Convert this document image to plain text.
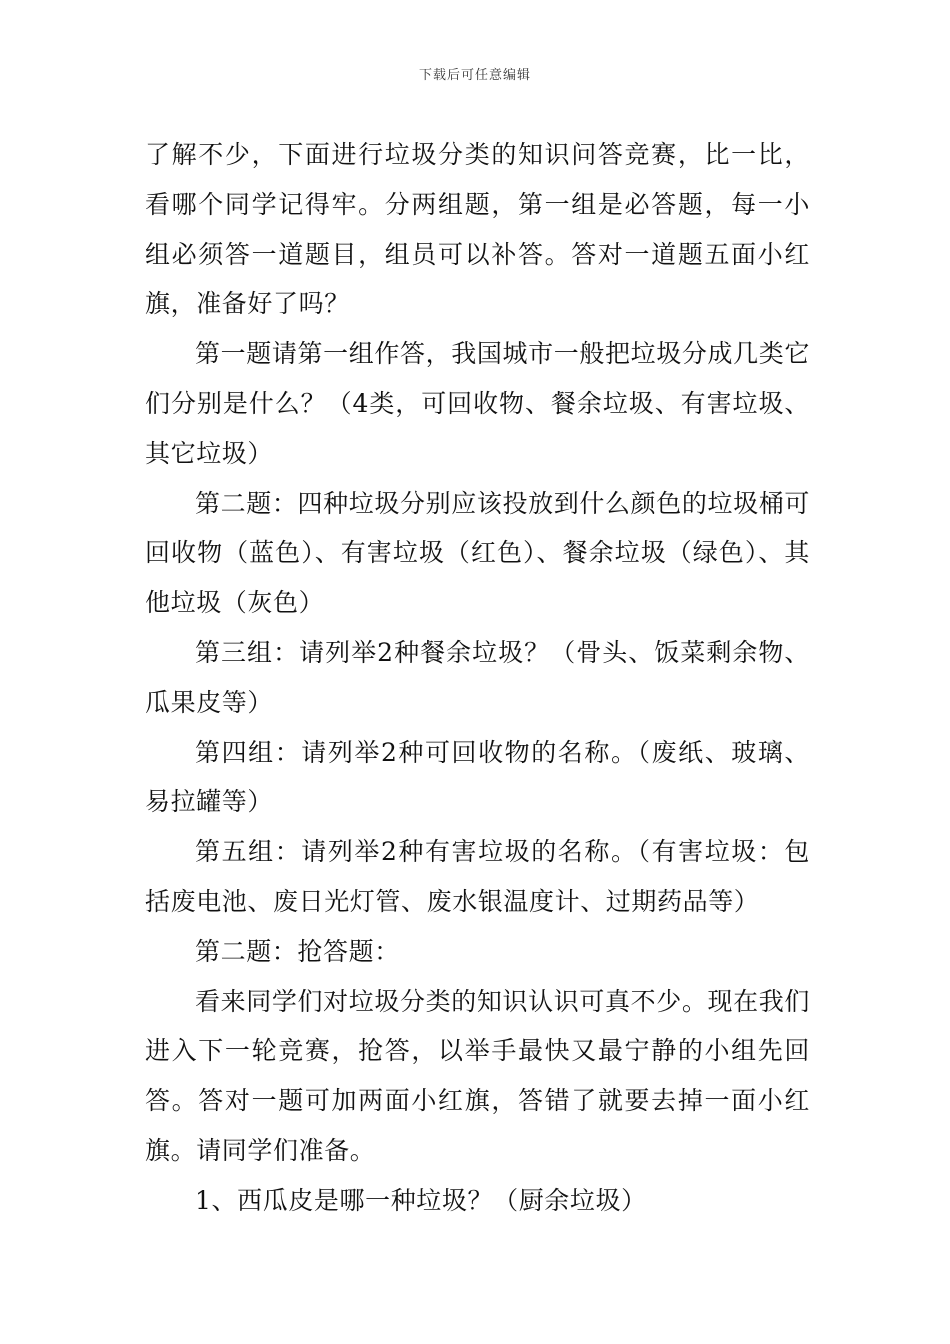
下载后可任意编辑

了解不少，下面进行垃圾分类的知识问答竞赛，比一比，看哪个同学记得牢。分两组题，第一组是必答题，每一小组必须答一道题目，组员可以补答。答对一道题五面小红旗，准备好了吗？

第一题请第一组作答，我国城市一般把垃圾分成几类它们分别是什么？（4类，可回收物、餐余垃圾、有害垃圾、其它垃圾）

第二题：四种垃圾分别应该投放到什么颜色的垃圾桶可回收物（蓝色）、有害垃圾（红色）、餐余垃圾（绿色）、其他垃圾（灰色）

第三组：请列举2种餐余垃圾？（骨头、饭菜剩余物、瓜果皮等）

第四组：请列举2种可回收物的名称。（废纸、玻璃、易拉罐等）

第五组：请列举2种有害垃圾的名称。（有害垃圾：包括废电池、废日光灯管、废水银温度计、过期药品等）

第二题：抢答题：

看来同学们对垃圾分类的知识认识可真不少。现在我们进入下一轮竞赛，抢答，以举手最快又最宁静的小组先回答。答对一题可加两面小红旗，答错了就要去掉一面小红旗。请同学们准备。

1、西瓜皮是哪一种垃圾？（厨余垃圾）
